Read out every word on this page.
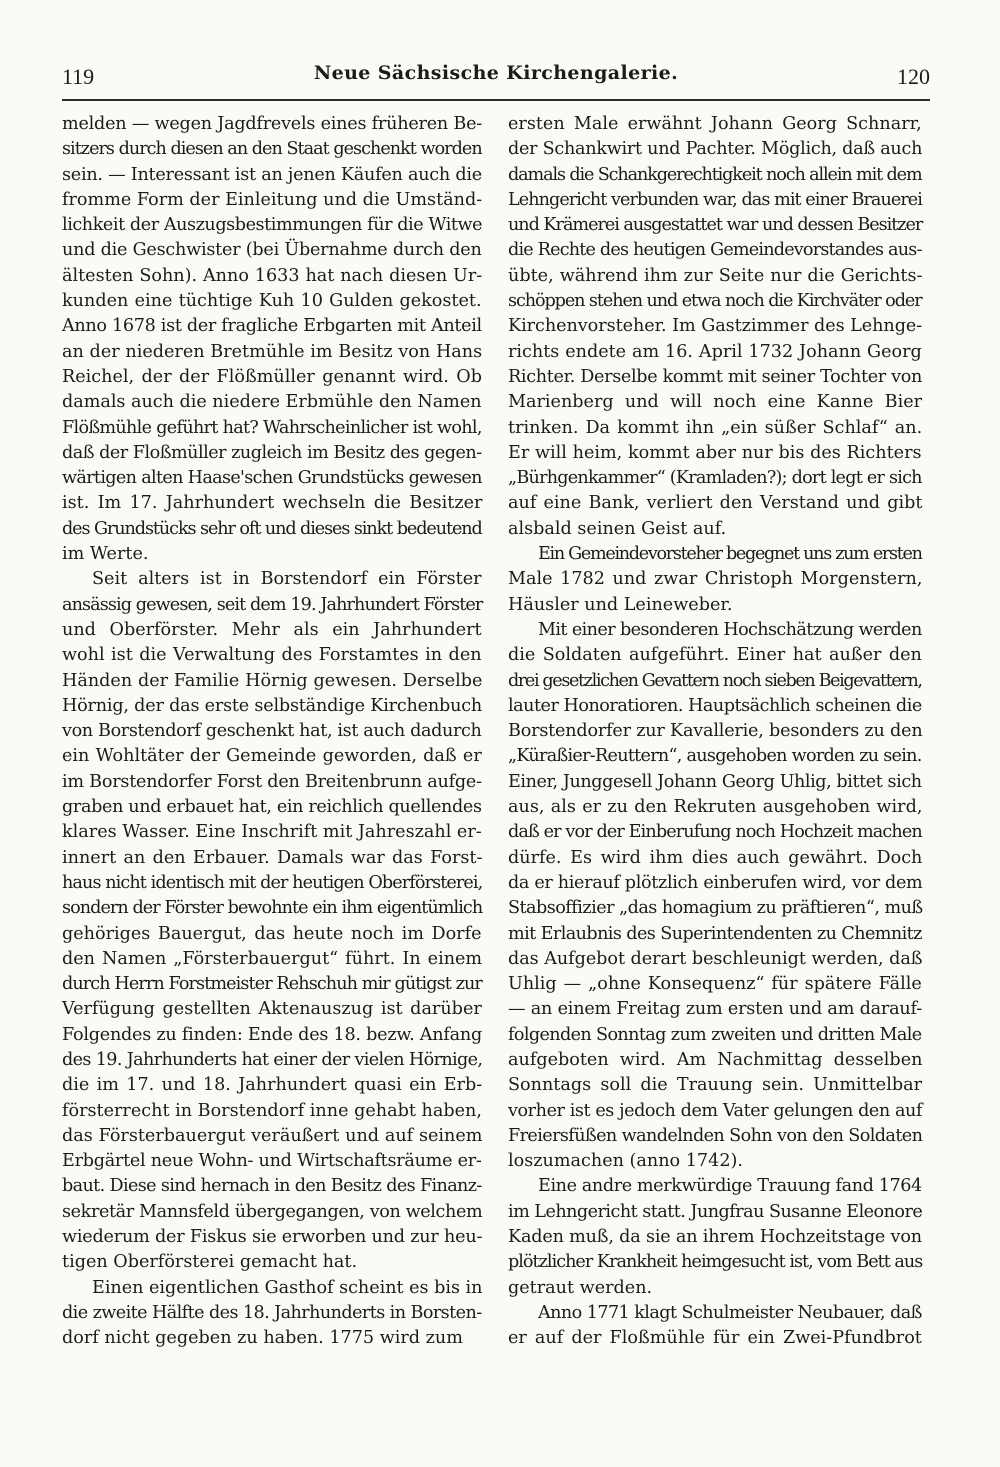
119	Neue Sächsische Kirchengalerie.	120
melden — wegen Jagdfrevels eines früheren Be-
sitzers durch diesen an den Staat geschenkt worden
sein. — Interessant ist an jenen Käufen auch die
fromme Form der Einleitung und die Umständ-
lichkeit der Auszugsbestimmungen für die Witwe
und die Geschwister (bei Übernahme durch den
ältesten Sohn). Anno 1633 hat nach diesen Ur-
kunden eine tüchtige Kuh 10 Gulden gekostet.
Anno 1678 ist der fragliche Erbgarten mit Anteil
an der niederen Bretmühle im Besitz von Hans
Reichel, der der Flößmüller genannt wird. Ob
damals auch die niedere Erbmühle den Namen
Flößmühle geführt hat? Wahrscheinlicher ist wohl,
daß der Floßmüller zugleich im Besitz des gegen-
wärtigen alten Haase'schen Grundstücks gewesen
ist. Im 17. Jahrhundert wechseln die Besitzer
des Grundstücks sehr oft und dieses sinkt bedeutend
im Werte.
Seit alters ist in Borstendorf ein Förster
ansässig gewesen, seit dem 19. Jahrhundert Förster
und Oberförster. Mehr als ein Jahrhundert
wohl ist die Verwaltung des Forstamtes in den
Händen der Familie Hörnig gewesen. Derselbe
Hörnig, der das erste selbständige Kirchenbuch
von Borstendorf geschenkt hat, ist auch dadurch
ein Wohltäter der Gemeinde geworden, daß er
im Borstendorfer Forst den Breitenbrunn aufge-
graben und erbauet hat, ein reichlich quellendes
klares Wasser. Eine Inschrift mit Jahreszahl er-
innert an den Erbauer. Damals war das Forst-
haus nicht identisch mit der heutigen Oberförsterei,
sondern der Förster bewohnte ein ihm eigentümlich
gehöriges Bauergut, das heute noch im Dorfe
den Namen „Försterbauergut“ führt. In einem
durch Herrn Forstmeister Rehschuh mir gütigst zur
Verfügung gestellten Aktenauszug ist darüber
Folgendes zu finden: Ende des 18. bezw. Anfang
des 19. Jahrhunderts hat einer der vielen Hörnige,
die im 17. und 18. Jahrhundert quasi ein Erb-
försterrecht in Borstendorf inne gehabt haben,
das Försterbauergut veräußert und auf seinem
Erbgärtel neue Wohn- und Wirtschaftsräume er-
baut. Diese sind hernach in den Besitz des Finanz-
sekretär Mannsfeld übergegangen, von welchem
wiederum der Fiskus sie erworben und zur heu-
tigen Oberförsterei gemacht hat.
Einen eigentlichen Gasthof scheint es bis in
die zweite Hälfte des 18. Jahrhunderts in Borsten-
dorf nicht gegeben zu haben. 1775 wird zum
ersten Male erwähnt Johann Georg Schnarr,
der Schankwirt und Pachter. Möglich, daß auch
damals die Schankgerechtigkeit noch allein mit dem
Lehngericht verbunden war, das mit einer Brauerei
und Krämerei ausgestattet war und dessen Besitzer
die Rechte des heutigen Gemeindevorstandes aus-
übte, während ihm zur Seite nur die Gerichts-
schöppen stehen und etwa noch die Kirchväter oder
Kirchenvorsteher. Im Gastzimmer des Lehnge-
richts endete am 16. April 1732 Johann Georg
Richter. Derselbe kommt mit seiner Tochter von
Marienberg und will noch eine Kanne Bier
trinken. Da kommt ihn „ein süßer Schlaf“ an.
Er will heim, kommt aber nur bis des Richters
„Bürhgenkammer“ (Kramladen?); dort legt er sich
auf eine Bank, verliert den Verstand und gibt
alsbald seinen Geist auf.
Ein Gemeindevorsteher begegnet uns zum ersten
Male 1782 und zwar Christoph Morgenstern,
Häusler und Leineweber.
Mit einer besonderen Hochschätzung werden
die Soldaten aufgeführt. Einer hat außer den
drei gesetzlichen Gevattern noch sieben Beigevattern,
lauter Honoratioren. Hauptsächlich scheinen die
Borstendorfer zur Kavallerie, besonders zu den
„Küraßier-Reuttern“, ausgehoben worden zu sein.
Einer, Junggesell Johann Georg Uhlig, bittet sich
aus, als er zu den Rekruten ausgehoben wird,
daß er vor der Einberufung noch Hochzeit machen
dürfe. Es wird ihm dies auch gewährt. Doch
da er hierauf plötzlich einberufen wird, vor dem
Stabsoffizier „das homagium zu präftieren“, muß
mit Erlaubnis des Superintendenten zu Chemnitz
das Aufgebot derart beschleunigt werden, daß
Uhlig — „ohne Konsequenz“ für spätere Fälle
— an einem Freitag zum ersten und am darauf-
folgenden Sonntag zum zweiten und dritten Male
aufgeboten wird. Am Nachmittag desselben
Sonntags soll die Trauung sein. Unmittelbar
vorher ist es jedoch dem Vater gelungen den auf
Freiersfüßen wandelnden Sohn von den Soldaten
loszumachen (anno 1742).
Eine andre merkwürdige Trauung fand 1764
im Lehngericht statt. Jungfrau Susanne Eleonore
Kaden muß, da sie an ihrem Hochzeitstage von
plötzlicher Krankheit heimgesucht ist, vom Bett aus
getraut werden.
Anno 1771 klagt Schulmeister Neubauer, daß
er auf der Floßmühle für ein Zwei-Pfundbrot
